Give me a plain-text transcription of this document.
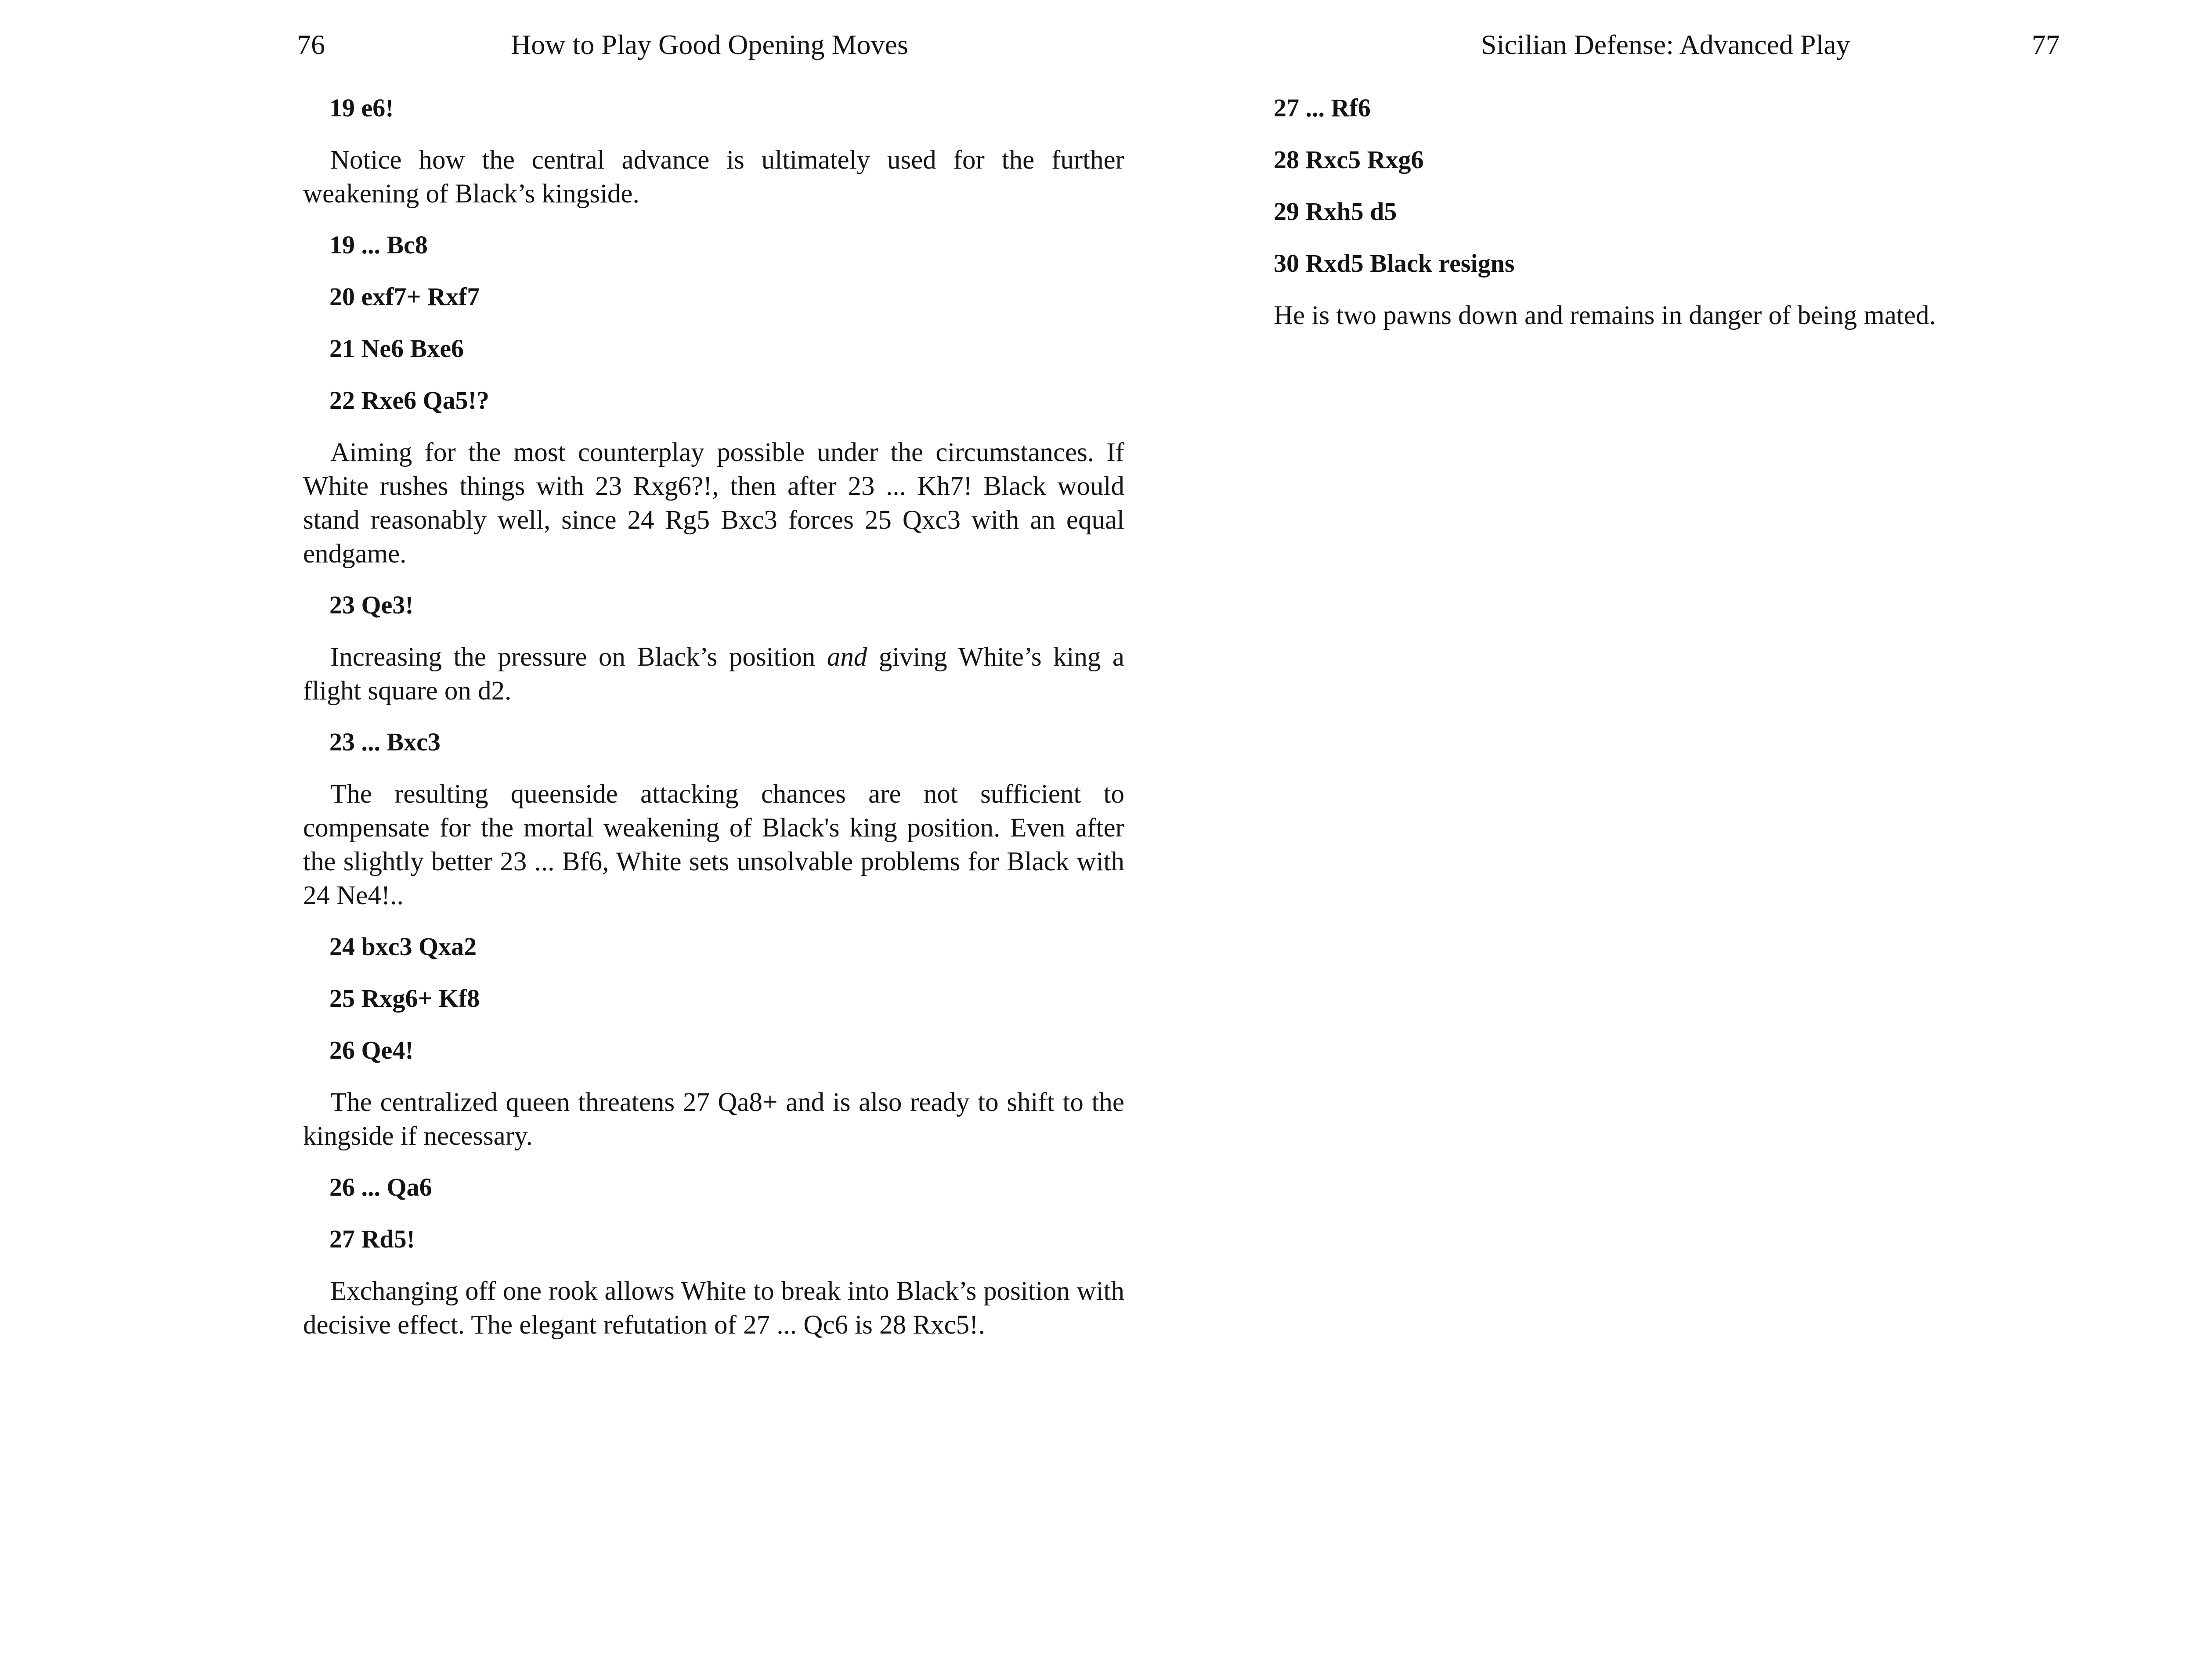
76	How to Play Good Opening Moves
19 e6!

Notice how the central advance is ultimately used for the further weakening of Black’s kingside.

19 ... Bc8
20 exf7+ Rxf7
21 Ne6 Bxe6
22 Rxe6 Qa5!?

Aiming for the most counterplay possible under the circumstances. If White rushes things with 23 Rxg6?!, then after 23 ... Kh7! Black would stand reasonably well, since 24 Rg5 Bxc3 forces 25 Qxc3 with an equal endgame.

23 Qe3!

Increasing the pressure on Black’s position and giving White’s king a flight square on d2.

23 ... Bxc3

The resulting queenside attacking chances are not sufficient to compensate for the mortal weakening of Black's king position. Even after the slightly better 23 ... Bf6, White sets unsolvable problems for Black with 24 Ne4!..

24 bxc3 Qxa2
25 Rxg6+ Kf8
26 Qe4!

The centralized queen threatens 27 Qa8+ and is also ready to shift to the kingside if necessary.

26 ... Qa6
27 Rd5!

Exchanging off one rook allows White to break into Black’s position with decisive effect. The elegant refutation of 27 ... Qc6 is 28 Rxc5!.

Sicilian Defense: Advanced Play	77
27 ... Rf6
28 Rxc5 Rxg6
29 Rxh5 d5
30 Rxd5 Black resigns

He is two pawns down and remains in danger of being mated.
